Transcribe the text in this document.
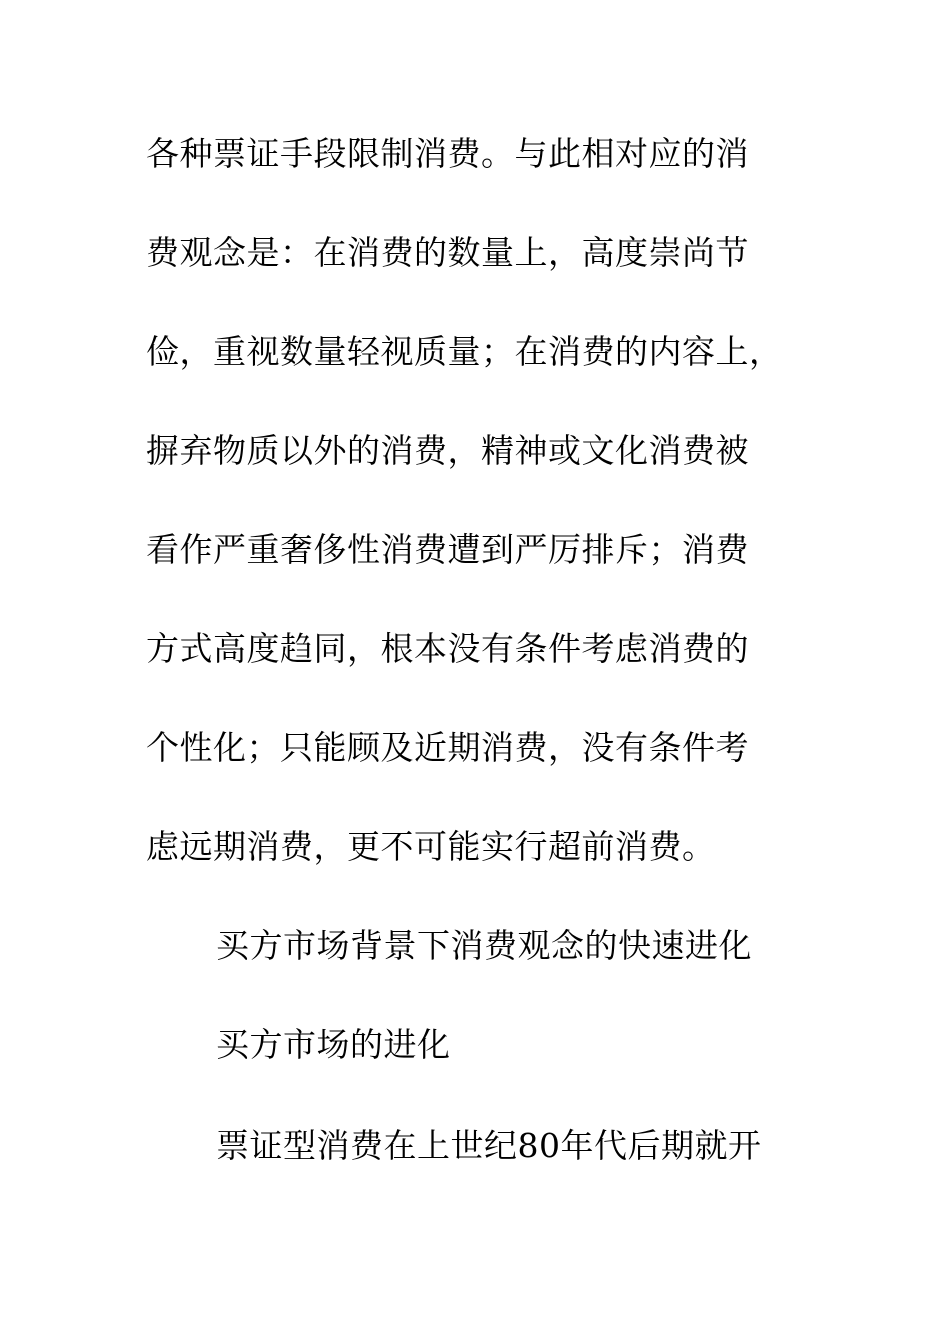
各种票证手段限制消费。与此相对应的消
费观念是：在消费的数量上，高度崇尚节
俭，重视数量轻视质量；在消费的内容上，
摒弃物质以外的消费，精神或文化消费被
看作严重奢侈性消费遭到严厉排斥；消费
方式高度趋同，根本没有条件考虑消费的
个性化；只能顾及近期消费，没有条件考
虑远期消费，更不可能实行超前消费。
买方市场背景下消费观念的快速进化
买方市场的进化
票证型消费在上世纪80年代后期就开
